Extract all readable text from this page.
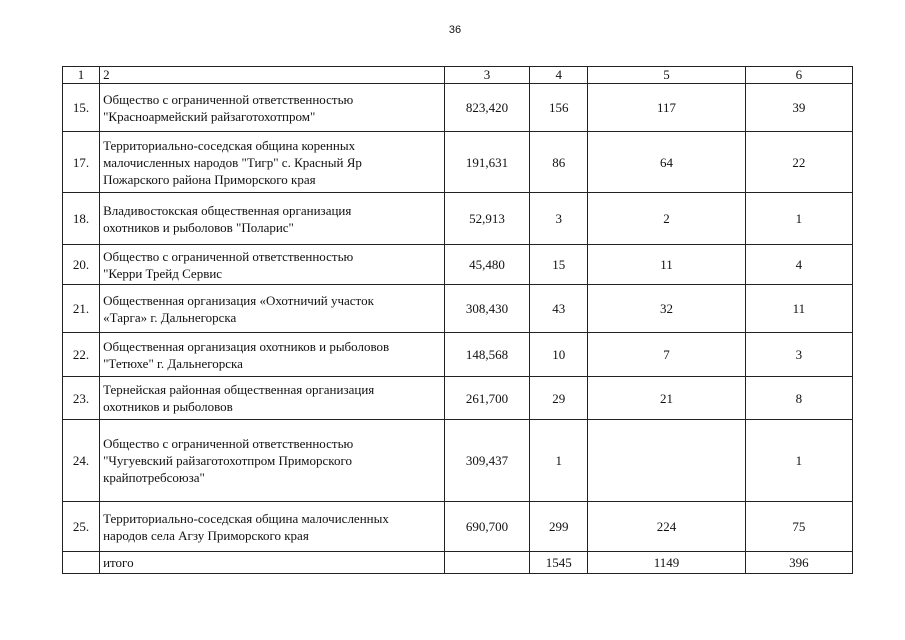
36
1	2	3	4	5	6
15.	Общество с ограниченной ответственностью
"Красноармейский райзаготохотпром"	823,420	156	117	39
17.	Территориально-соседская община коренных
малочисленных народов "Тигр" с. Красный Яр
Пожарского района Приморского края	191,631	86	64	22
18.	Владивостокская общественная организация
охотников и рыболовов "Поларис"	52,913	3	2	1
20.	Общество с ограниченной ответственностью
"Керри Трейд Сервис	45,480	15	11	4
21.	Общественная организация «Охотничий участок
«Тарга» г. Дальнегорска	308,430	43	32	11
22.	Общественная организация охотников и рыболовов
"Тетюхе" г. Дальнегорска	148,568	10	7	3
23.	Тернейская районная общественная организация
охотников и рыболовов	261,700	29	21	8
24.	Общество с ограниченной ответственностью
"Чугуевский райзаготохотпром Приморского
крайпотребсоюза"	309,437	1		1
25.	Территориально-соседская община малочисленных
народов села Агзу Приморского края	690,700	299	224	75
	итого		1545	1149	396
